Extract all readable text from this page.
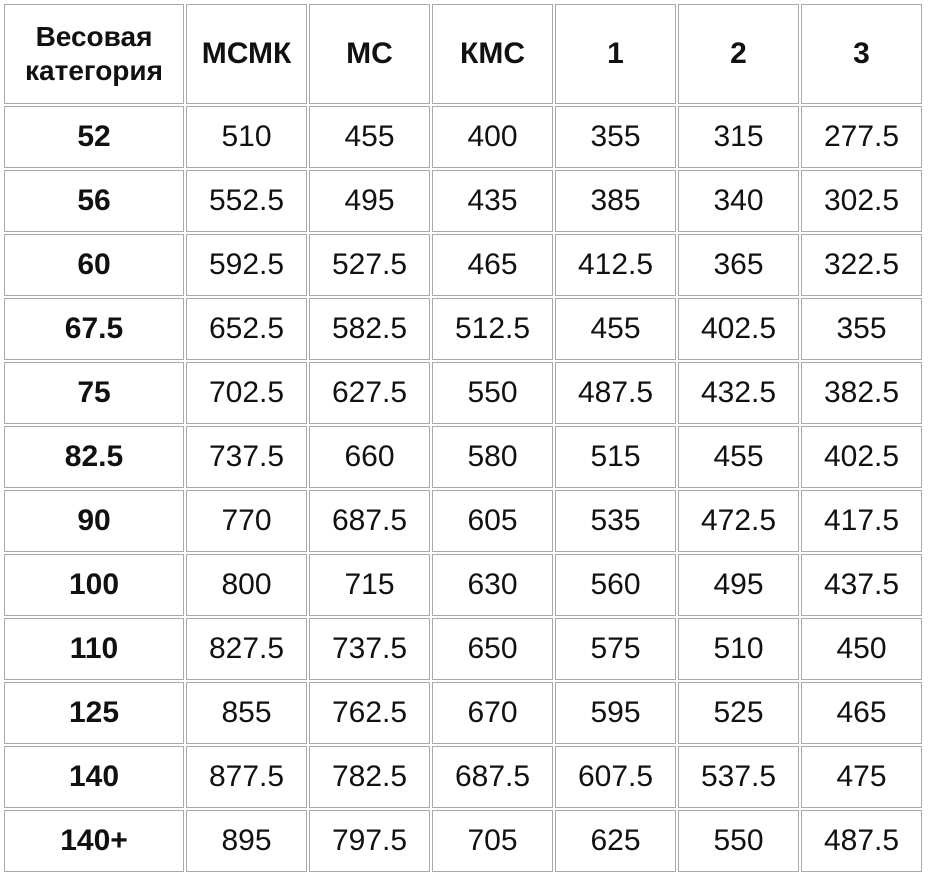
Весовая
категория	МСМК	МС	КМС	1	2	3
52	510	455	400	355	315	277.5
56	552.5	495	435	385	340	302.5
60	592.5	527.5	465	412.5	365	322.5
67.5	652.5	582.5	512.5	455	402.5	355
75	702.5	627.5	550	487.5	432.5	382.5
82.5	737.5	660	580	515	455	402.5
90	770	687.5	605	535	472.5	417.5
100	800	715	630	560	495	437.5
110	827.5	737.5	650	575	510	450
125	855	762.5	670	595	525	465
140	877.5	782.5	687.5	607.5	537.5	475
140+	895	797.5	705	625	550	487.5
